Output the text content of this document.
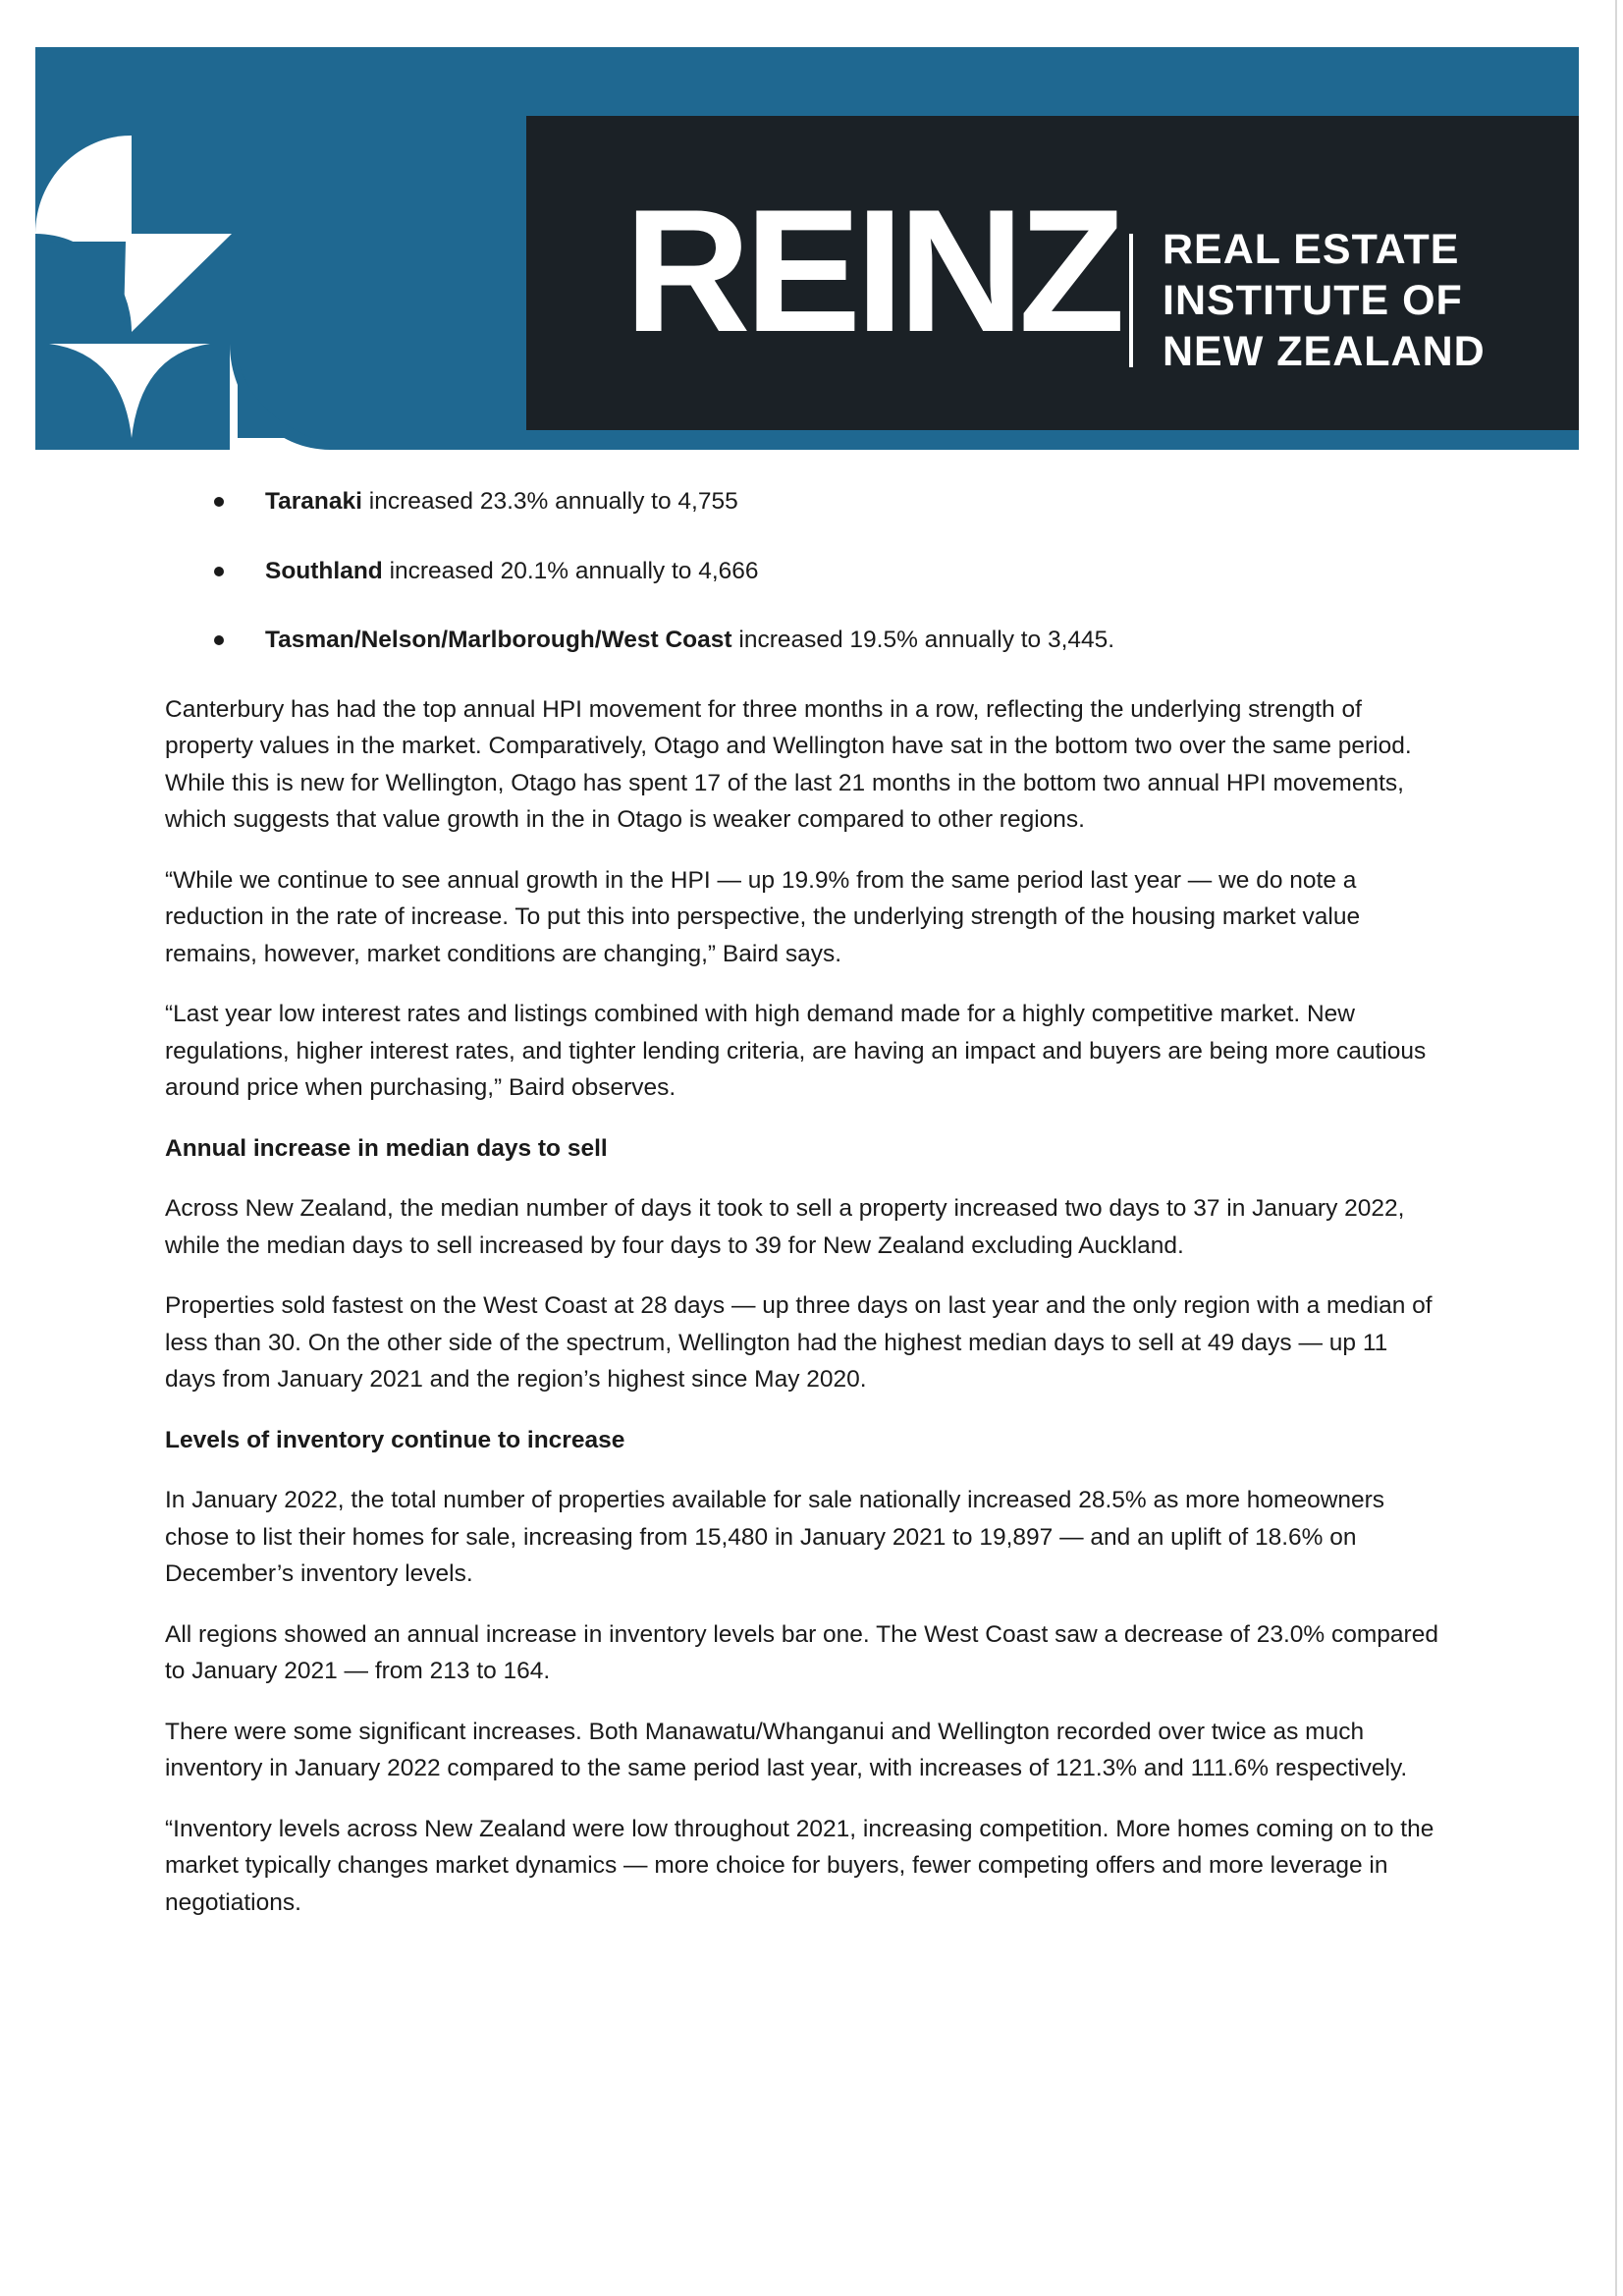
REINZ REAL ESTATE
INSTITUTE OF
NEW ZEALAND
Taranaki increased 23.3% annually to 4,755
Southland increased 20.1% annually to 4,666
Tasman/Nelson/Marlborough/West Coast increased 19.5% annually to 3,445.

Canterbury has had the top annual HPI movement for three months in a row, reflecting the underlying strength of property values in the market. Comparatively, Otago and Wellington have sat in the bottom two over the same period. While this is new for Wellington, Otago has spent 17 of the last 21 months in the bottom two annual HPI movements, which suggests that value growth in the in Otago is weaker compared to other regions.

“While we continue to see annual growth in the HPI — up 19.9% from the same period last year — we do note a reduction in the rate of increase. To put this into perspective, the underlying strength of the housing market value remains, however, market conditions are changing,” Baird says.

“Last year low interest rates and listings combined with high demand made for a highly competitive market. New regulations, higher interest rates, and tighter lending criteria, are having an impact and buyers are being more cautious around price when purchasing,” Baird observes.

Annual increase in median days to sell

Across New Zealand, the median number of days it took to sell a property increased two days to 37 in January 2022, while the median days to sell increased by four days to 39 for New Zealand excluding Auckland.

Properties sold fastest on the West Coast at 28 days — up three days on last year and the only region with a median of less than 30. On the other side of the spectrum, Wellington had the highest median days to sell at 49 days — up 11 days from January 2021 and the region’s highest since May 2020.

Levels of inventory continue to increase

In January 2022, the total number of properties available for sale nationally increased 28.5% as more homeowners chose to list their homes for sale, increasing from 15,480 in January 2021 to 19,897 — and an uplift of 18.6% on December’s inventory levels.

All regions showed an annual increase in inventory levels bar one. The West Coast saw a decrease of 23.0% compared to January 2021 — from 213 to 164.

There were some significant increases. Both Manawatu/Whanganui and Wellington recorded over twice as much inventory in January 2022 compared to the same period last year, with increases of 121.3% and 111.6% respectively.

“Inventory levels across New Zealand were low throughout 2021, increasing competition. More homes coming on to the market typically changes market dynamics — more choice for buyers, fewer competing offers and more leverage in negotiations.
